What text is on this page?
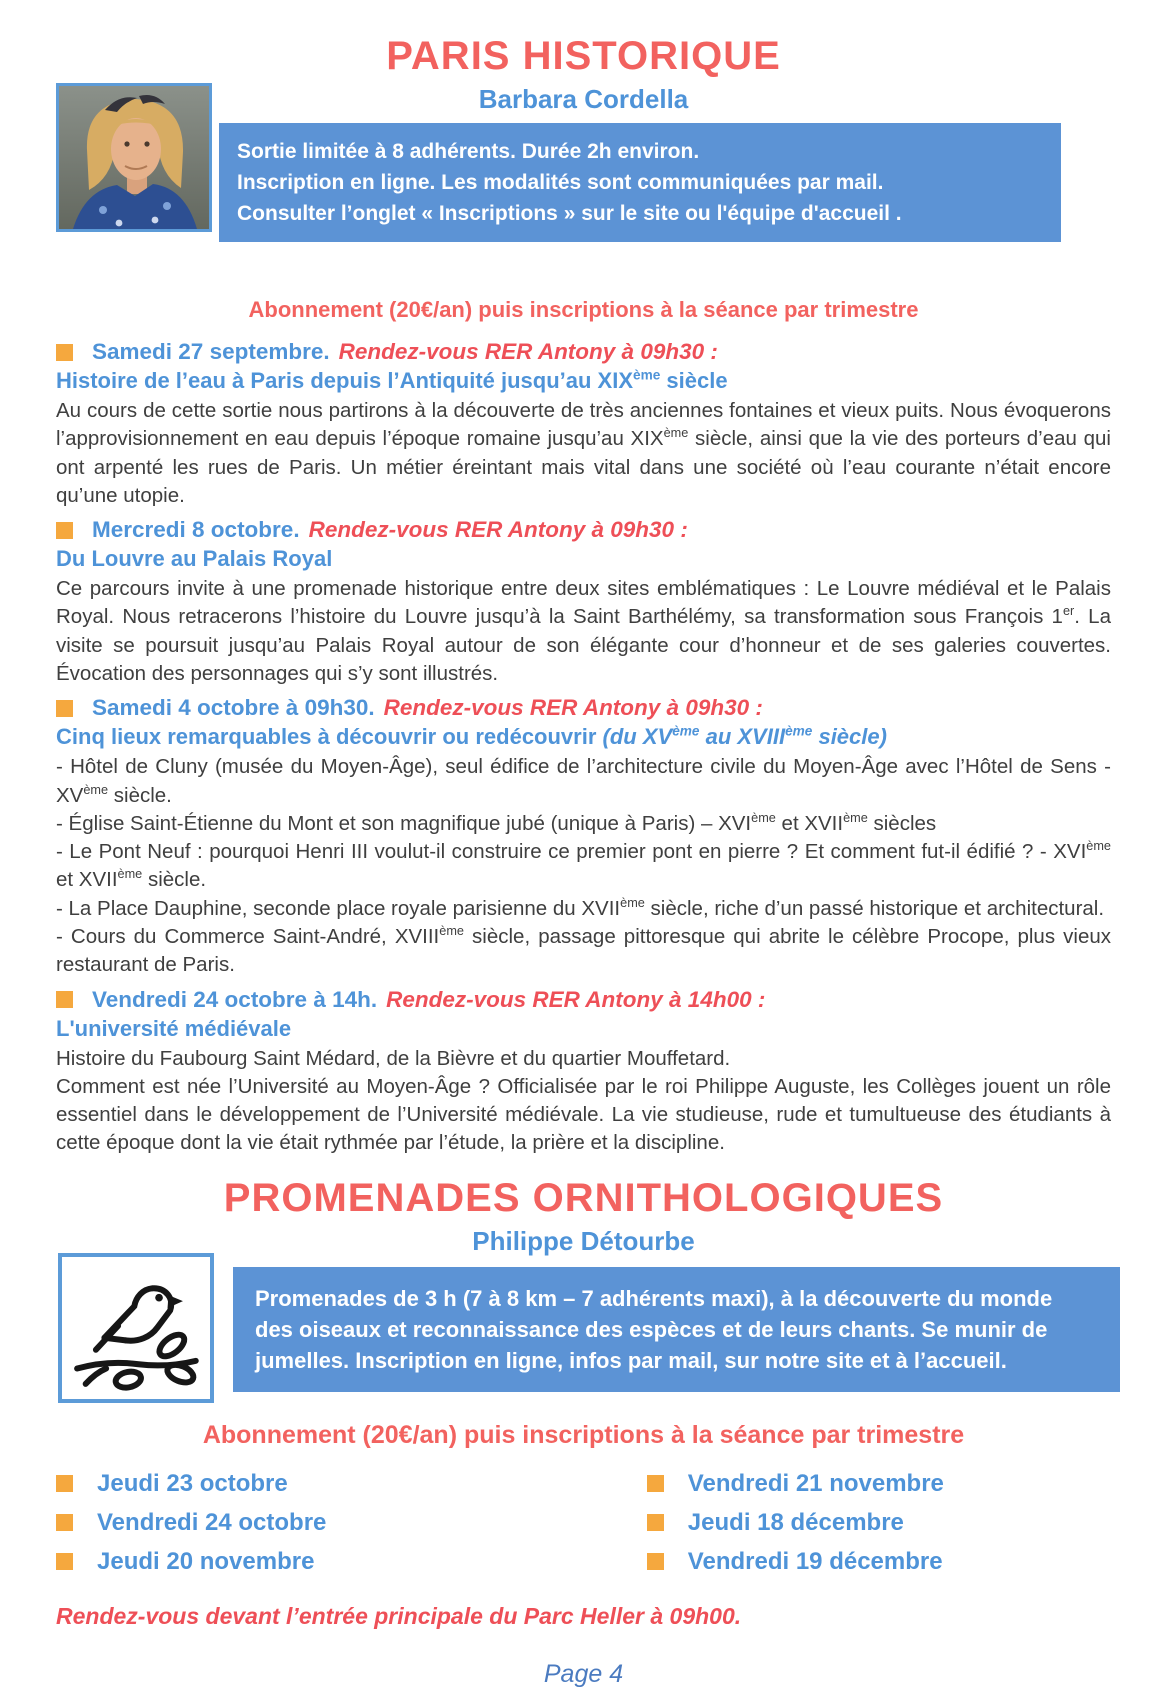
PARIS HISTORIQUE
Barbara Cordella

Sortie limitée à 8 adhérents. Durée 2h environ.

Inscription en ligne. Les modalités sont communiquées par mail.

Consulter l’onglet « Inscriptions » sur le site ou l'équipe d'accueil .

Abonnement (20€/an) puis inscriptions à la séance par trimestre

Samedi 27 septembre. Rendez-vous RER Antony à 09h30 :
Histoire de l’eau à Paris depuis l’Antiquité jusqu’au XIXème siècle

Au cours de cette sortie nous partirons à la découverte de très anciennes fontaines et vieux puits. Nous évoquerons l’approvisionnement en eau depuis l’époque romaine jusqu’au XIXème siècle, ainsi que la vie des porteurs d’eau qui ont arpenté les rues de Paris. Un métier éreintant mais vital dans une société où l’eau courante n’était encore qu’une utopie.

Mercredi 8 octobre. Rendez-vous RER Antony à 09h30 :
Du Louvre au Palais Royal

Ce parcours invite à une promenade historique entre deux sites emblématiques : Le Louvre médiéval et le Palais Royal. Nous retracerons l’histoire du Louvre jusqu’à la Saint Barthélémy, sa transformation sous François 1er. La visite se poursuit jusqu’au Palais Royal autour de son élégante cour d’honneur et de ses galeries couvertes. Évocation des personnages qui s’y sont illustrés.

Samedi 4 octobre à 09h30. Rendez-vous RER Antony à 09h30 :
Cinq lieux remarquables à découvrir ou redécouvrir (du XVème au XVIIIème siècle)

- Hôtel de Cluny (musée du Moyen-Âge), seul édifice de l’architecture civile du Moyen-Âge avec l’Hôtel de Sens - XVème siècle.

- Église Saint-Étienne du Mont et son magnifique jubé (unique à Paris) – XVIème et XVIIème siècles

- Le Pont Neuf : pourquoi Henri III voulut-il construire ce premier pont en pierre ? Et comment fut-il édifié ? - XVIème et XVIIème siècle.

- La Place Dauphine, seconde place royale parisienne du XVIIème siècle, riche d’un passé historique et architectural.

- Cours du Commerce Saint-André, XVIIIème siècle, passage pittoresque qui abrite le célèbre Procope, plus vieux restaurant de Paris.

Vendredi 24 octobre à 14h. Rendez-vous RER Antony à 14h00 :
L'université médiévale

Histoire du Faubourg Saint Médard, de la Bièvre et du quartier Mouffetard.

Comment est née l’Université au Moyen-Âge ? Officialisée par le roi Philippe Auguste, les Collèges jouent un rôle essentiel dans le développement de l’Université médiévale. La vie studieuse, rude et tumultueuse des étudiants à cette époque dont la vie était rythmée par l’étude, la prière et la discipline.

PROMENADES ORNITHOLOGIQUES
Philippe Détourbe

Promenades de 3 h (7 à 8 km – 7 adhérents maxi), à la découverte du monde des oiseaux et reconnaissance des espèces et de leurs chants. Se munir de jumelles. Inscription en ligne, infos par mail, sur notre site et à l’accueil.

Abonnement (20€/an) puis inscriptions à la séance par trimestre

Jeudi 23 octobre
Vendredi 24 octobre
Jeudi 20 novembre
Vendredi 21 novembre
Jeudi 18 décembre
Vendredi 19 décembre

Rendez-vous devant l’entrée principale du Parc Heller à 09h00.

Page 4
